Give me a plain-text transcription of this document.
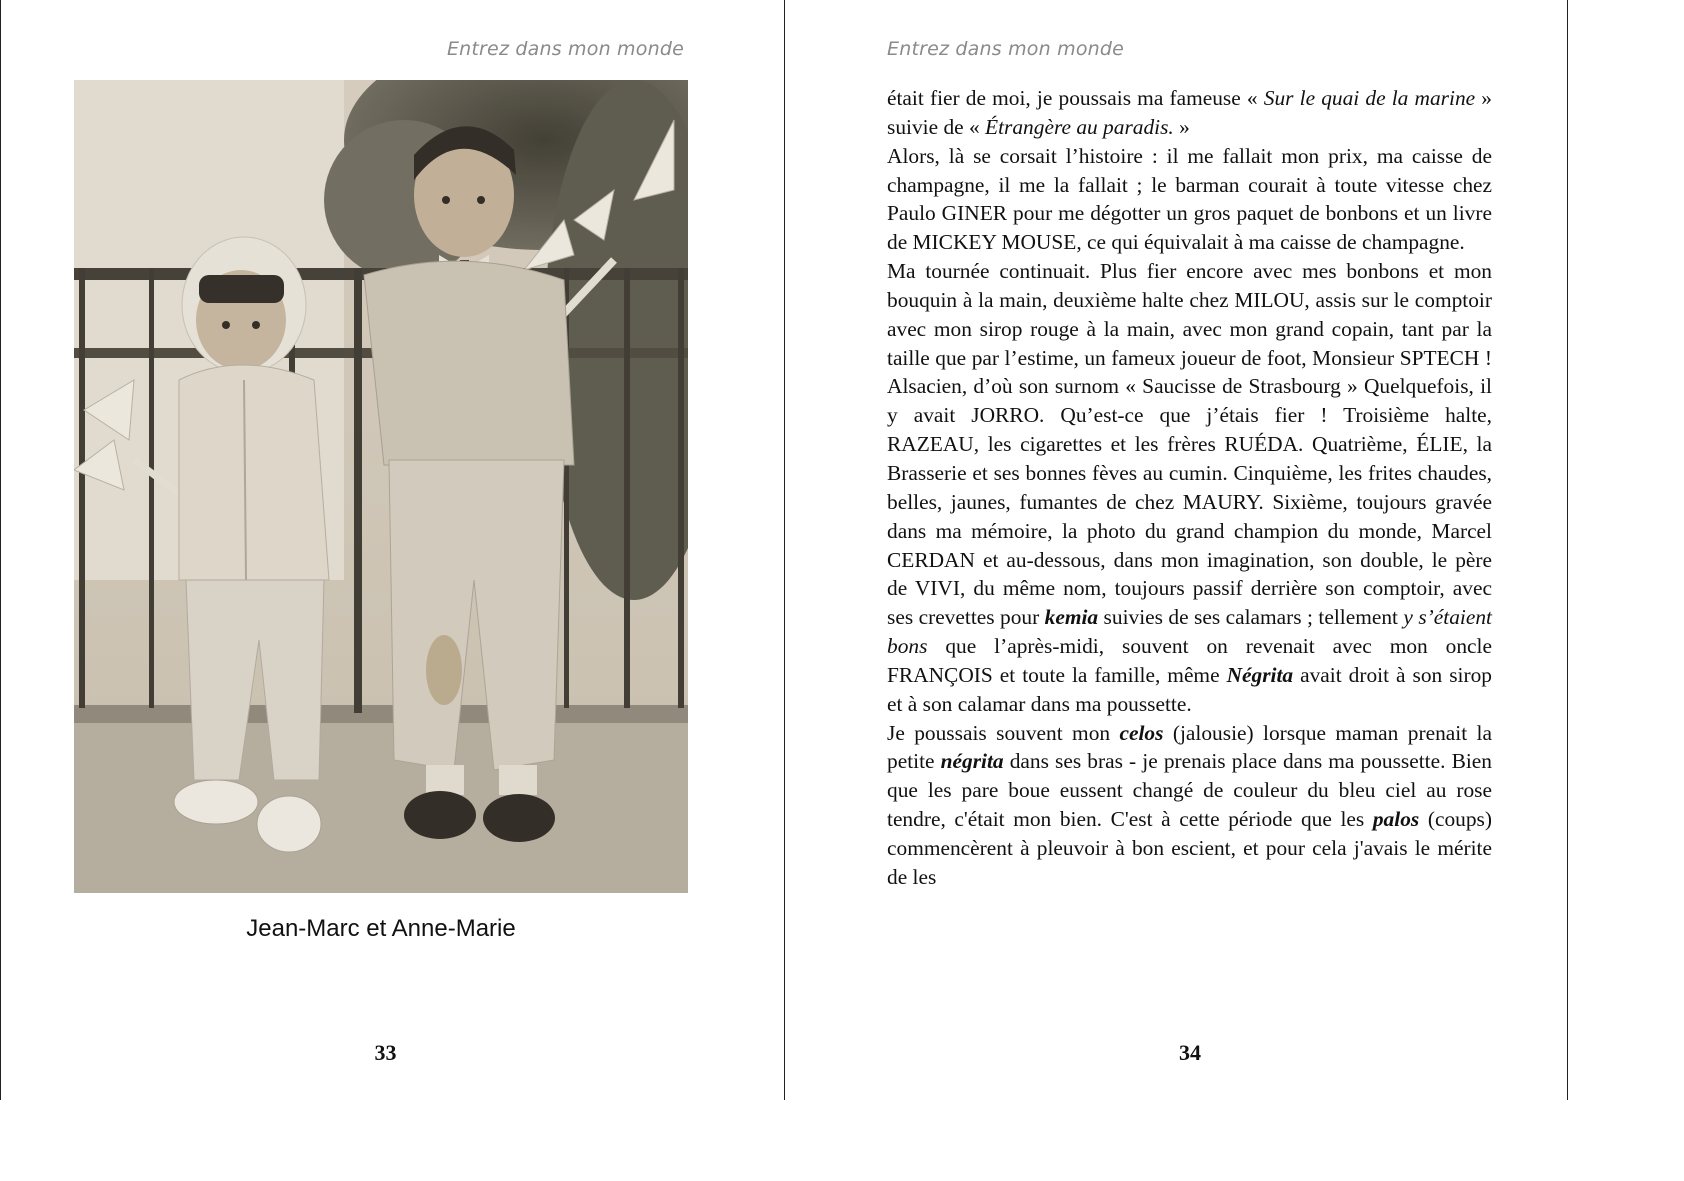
Entrez dans mon monde
Jean-Marc et Anne-Marie
33
Entrez dans mon monde

était fier de moi, je poussais ma fameuse « Sur le quai de la marine » suivie de « Étrangère au paradis. »

Alors, là se corsait l’histoire : il me fallait mon prix, ma caisse de champagne, il me la fallait ; le barman courait à toute vitesse chez Paulo GINER pour me dégotter un gros paquet de bonbons et un livre de MICKEY MOUSE, ce qui équivalait à ma caisse de champagne.

Ma tournée continuait. Plus fier encore avec mes bonbons et mon bouquin à la main, deuxième halte chez MILOU, assis sur le comptoir avec mon sirop rouge à la main, avec mon grand copain, tant par la taille que par l’estime, un fameux joueur de foot, Monsieur SPTECH ! Alsacien, d’où son surnom « Saucisse de Strasbourg » Quelquefois, il y avait JORRO. Qu’est-ce que j’étais fier ! Troisième halte, RAZEAU, les cigarettes et les frères RUÉDA. Quatrième, ÉLIE, la Brasserie et ses bonnes fèves au cumin. Cinquième, les frites chaudes, belles, jaunes, fumantes de chez MAURY. Sixième, toujours gravée dans ma mémoire, la photo du grand champion du monde, Marcel CERDAN et au-dessous, dans mon imagination, son double, le père de VIVI, du même nom, toujours passif derrière son comptoir, avec ses crevettes pour kemia suivies de ses calamars ; tellement y s’étaient bons que l’après-midi, souvent on revenait avec mon oncle FRANÇOIS et toute la famille, même Négrita avait droit à son sirop et à son calamar dans ma poussette.

Je poussais souvent mon celos (jalousie) lorsque maman prenait la petite négrita dans ses bras - je prenais place dans ma poussette. Bien que les pare boue eussent changé de couleur du bleu ciel au rose tendre, c'était mon bien. C'est à cette période que les palos (coups) commencèrent à pleuvoir à bon escient, et pour cela j'avais le mérite de les

34
